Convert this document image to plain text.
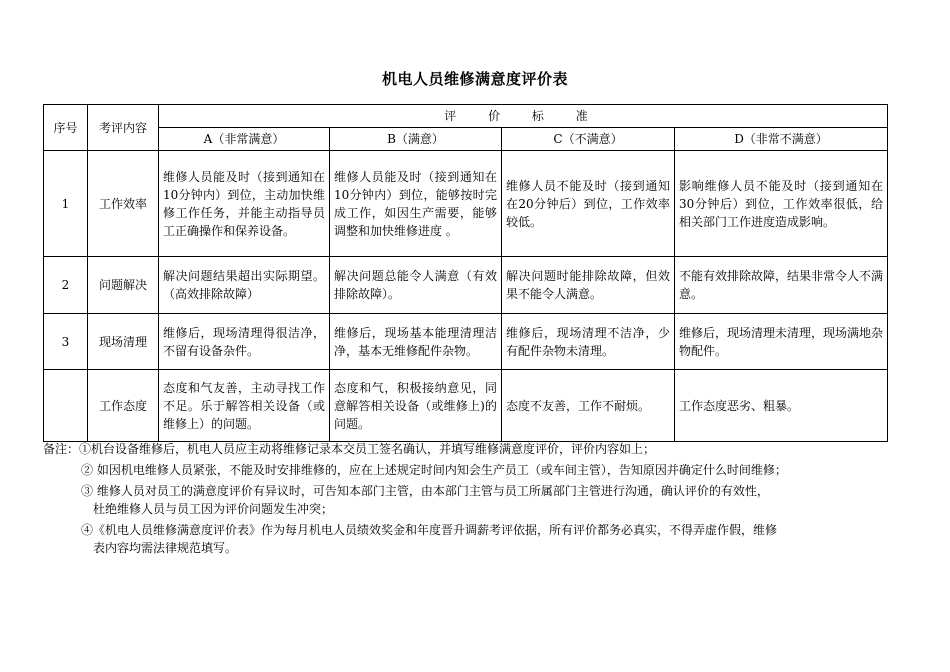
机电人员维修满意度评价表
序号	考评内容	评 价 标 准			
		A（非常满意）	B（满意）	C（不满意）	D（非常不满意）
1	工作效率	维修人员能及时（接到通知在10分钟内）到位，主动加快维修工作任务，并能主动指导员工正确操作和保养设备。	维修人员能及时（接到通知在10分钟内）到位，能够按时完成工作，如因生产需要，能够调整和加快维修进度 。	维修人员不能及时（接到通知在20分钟后）到位，工作效率较低。	影响维修人员不能及时（接到通知在30分钟后）到位，工作效率很低，给相关部门工作进度造成影响。
2	问题解决	解决问题结果超出实际期望。（高效排除故障）	解决问题总能令人满意（有效排除故障）。	解决问题时能排除故障，但效果不能令人满意。	不能有效排除故障，结果非常令人不满意。
3	现场清理	维修后，现场清理得很洁净，不留有设备杂件。	维修后，现场基本能理清理洁净，基本无维修配件杂物。	维修后，现场清理不洁净，少有配件杂物未清理。	维修后，现场清理未清理，现场满地杂物配件。
	工作态度	态度和气友善，主动寻找工作不足。乐于解答相关设备（或维修上）的问题。	态度和气，积极接纳意见，同意解答相关设备（或维修上)的问题。	态度不友善，工作不耐烦。	工作态度恶劣、粗暴。

备注：①机台设备维修后，机电人员应主动将维修记录本交员工签名确认，并填写维修满意度评价，评价内容如上；

② 如因机电维修人员紧张，不能及时安排维修的，应在上述规定时间内知会生产员工（或车间主管），告知原因并确定什么时间维修；

③ 维修人员对员工的满意度评价有异议时，可告知本部门主管，由本部门主管与员工所属部门主管进行沟通，确认评价的有效性，
杜绝维修人员与员工因为评价问题发生冲突；

④《机电人员维修满意度评价表》作为每月机电人员绩效奖金和年度晋升调薪考评依据，所有评价都务必真实，不得弄虚作假，维修
表内容均需法律规范填写。
